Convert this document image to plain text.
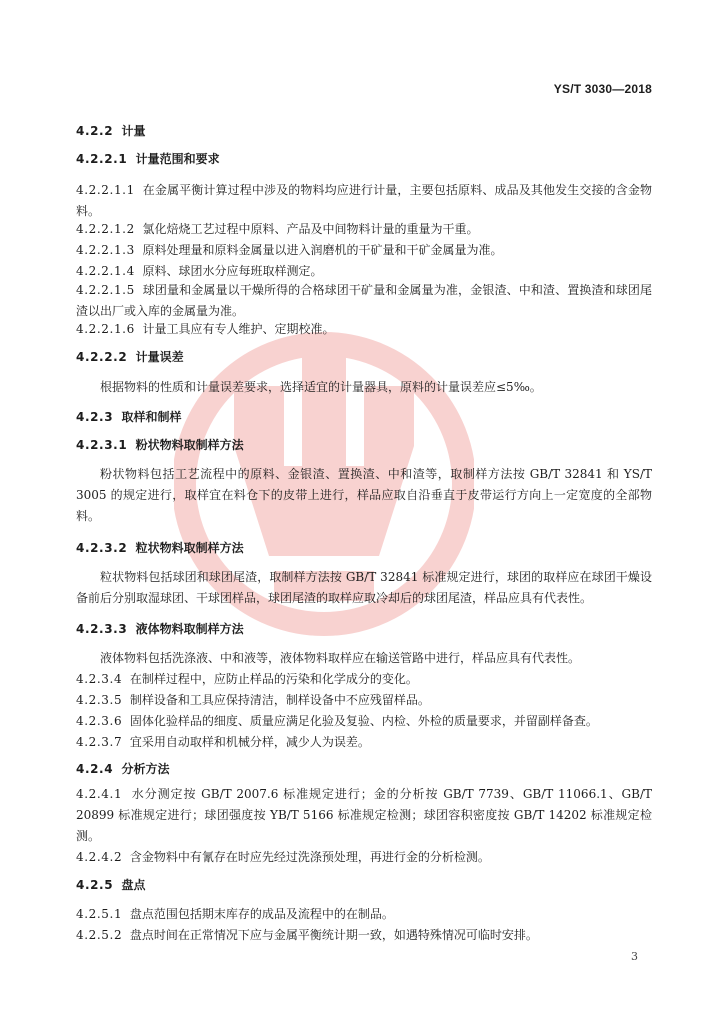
YS/T 3030—2018
4.2.2 计量
4.2.2.1 计量范围和要求
4.2.2.1.1 在金属平衡计算过程中涉及的物料均应进行计量，主要包括原料、成品及其他发生交接的含金物料。
4.2.2.1.2 氯化焙烧工艺过程中原料、产品及中间物料计量的重量为干重。
4.2.2.1.3 原料处理量和原料金属量以进入润磨机的干矿量和干矿金属量为准。
4.2.2.1.4 原料、球团水分应每班取样测定。
4.2.2.1.5 球团量和金属量以干燥所得的合格球团干矿量和金属量为准，金银渣、中和渣、置换渣和球团尾渣以出厂或入库的金属量为准。
4.2.2.1.6 计量工具应有专人维护、定期校准。
4.2.2.2 计量误差
根据物料的性质和计量误差要求，选择适宜的计量器具，原料的计量误差应≤5‰。
4.2.3 取样和制样
4.2.3.1 粉状物料取制样方法
粉状物料包括工艺流程中的原料、金银渣、置换渣、中和渣等，取制样方法按 GB/T 32841 和 YS/T 3005 的规定进行，取样宜在料仓下的皮带上进行，样品应取自沿垂直于皮带运行方向上一定宽度的全部物料。
4.2.3.2 粒状物料取制样方法
粒状物料包括球团和球团尾渣，取制样方法按 GB/T 32841 标准规定进行，球团的取样应在球团干燥设备前后分别取湿球团、干球团样品，球团尾渣的取样应取冷却后的球团尾渣，样品应具有代表性。
4.2.3.3 液体物料取制样方法
液体物料包括洗涤液、中和液等，液体物料取样应在输送管路中进行，样品应具有代表性。
4.2.3.4 在制样过程中，应防止样品的污染和化学成分的变化。
4.2.3.5 制样设备和工具应保持清洁，制样设备中不应残留样品。
4.2.3.6 固体化验样品的细度、质量应满足化验及复验、内检、外检的质量要求，并留副样备查。
4.2.3.7 宜采用自动取样和机械分样，减少人为误差。
4.2.4 分析方法
4.2.4.1 水分测定按 GB/T 2007.6 标准规定进行；金的分析按 GB/T 7739、GB/T 11066.1、GB/T 20899 标准规定进行；球团强度按 YB/T 5166 标准规定检测；球团容积密度按 GB/T 14202 标准规定检测。
4.2.4.2 含金物料中有氰存在时应先经过洗涤预处理，再进行金的分析检测。
4.2.5 盘点
4.2.5.1 盘点范围包括期末库存的成品及流程中的在制品。
4.2.5.2 盘点时间在正常情况下应与金属平衡统计期一致，如遇特殊情况可临时安排。
3
